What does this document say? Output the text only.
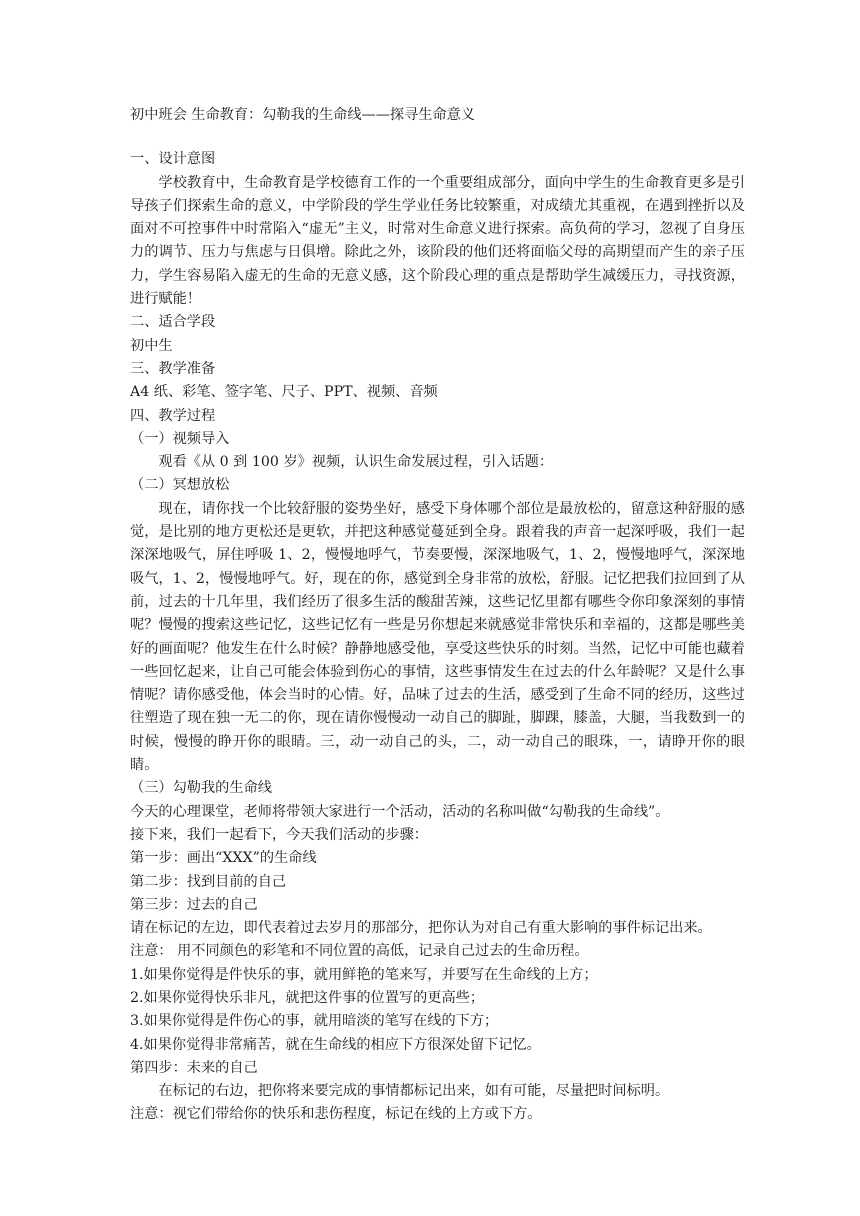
初中班会 生命教育：勾勒我的生命线——探寻生命意义

一、设计意图

学校教育中，生命教育是学校德育工作的一个重要组成部分，面向中学生的生命教育更多是引导孩子们探索生命的意义，中学阶段的学生学业任务比较繁重，对成绩尤其重视，在遇到挫折以及面对不可控事件中时常陷入“虚无”主义，时常对生命意义进行探索。高负荷的学习，忽视了自身压力的调节、压力与焦虑与日俱增。除此之外，该阶段的他们还将面临父母的高期望而产生的亲子压力，学生容易陷入虚无的生命的无意义感，这个阶段心理的重点是帮助学生减缓压力，寻找资源，进行赋能！

二、适合学段

初中生

三、教学准备

A4 纸、彩笔、签字笔、尺子、PPT、视频、音频

四、教学过程

（一）视频导入

观看《从 0 到 100 岁》视频，认识生命发展过程，引入话题：

（二）冥想放松

现在，请你找一个比较舒服的姿势坐好，感受下身体哪个部位是最放松的，留意这种舒服的感觉，是比别的地方更松还是更软，并把这种感觉蔓延到全身。跟着我的声音一起深呼吸，我们一起深深地吸气，屏住呼吸 1、2，慢慢地呼气，节奏要慢，深深地吸气，1、2，慢慢地呼气，深深地吸气，1、2，慢慢地呼气。好，现在的你，感觉到全身非常的放松，舒服。记忆把我们拉回到了从前，过去的十几年里，我们经历了很多生活的酸甜苦辣，这些记忆里都有哪些令你印象深刻的事情呢？慢慢的搜索这些记忆，这些记忆有一些是另你想起来就感觉非常快乐和幸福的，这都是哪些美好的画面呢？他发生在什么时候？静静地感受他，享受这些快乐的时刻。当然，记忆中可能也藏着一些回忆起来，让自己可能会体验到伤心的事情，这些事情发生在过去的什么年龄呢？又是什么事情呢？请你感受他，体会当时的心情。好，品味了过去的生活，感受到了生命不同的经历，这些过往塑造了现在独一无二的你，现在请你慢慢动一动自己的脚趾，脚踝，膝盖，大腿，当我数到一的时候，慢慢的睁开你的眼睛。三，动一动自己的头，二，动一动自己的眼珠，一，请睁开你的眼睛。

（三）勾勒我的生命线

今天的心理课堂，老师将带领大家进行一个活动，活动的名称叫做“勾勒我的生命线”。

接下来，我们一起看下，今天我们活动的步骤：

第一步：画出“XXX”的生命线

第二步：找到目前的自己

第三步：过去的自己

请在标记的左边，即代表着过去岁月的那部分，把你认为对自己有重大影响的事件标记出来。

注意： 用不同颜色的彩笔和不同位置的高低，记录自己过去的生命历程。

1.如果你觉得是件快乐的事，就用鲜艳的笔来写，并要写在生命线的上方；

2.如果你觉得快乐非凡，就把这件事的位置写的更高些；

3.如果你觉得是件伤心的事，就用暗淡的笔写在线的下方；

4.如果你觉得非常痛苦，就在生命线的相应下方很深处留下记忆。

第四步：未来的自己

在标记的右边，把你将来要完成的事情都标记出来，如有可能，尽量把时间标明。

注意：视它们带给你的快乐和悲伤程度，标记在线的上方或下方。
